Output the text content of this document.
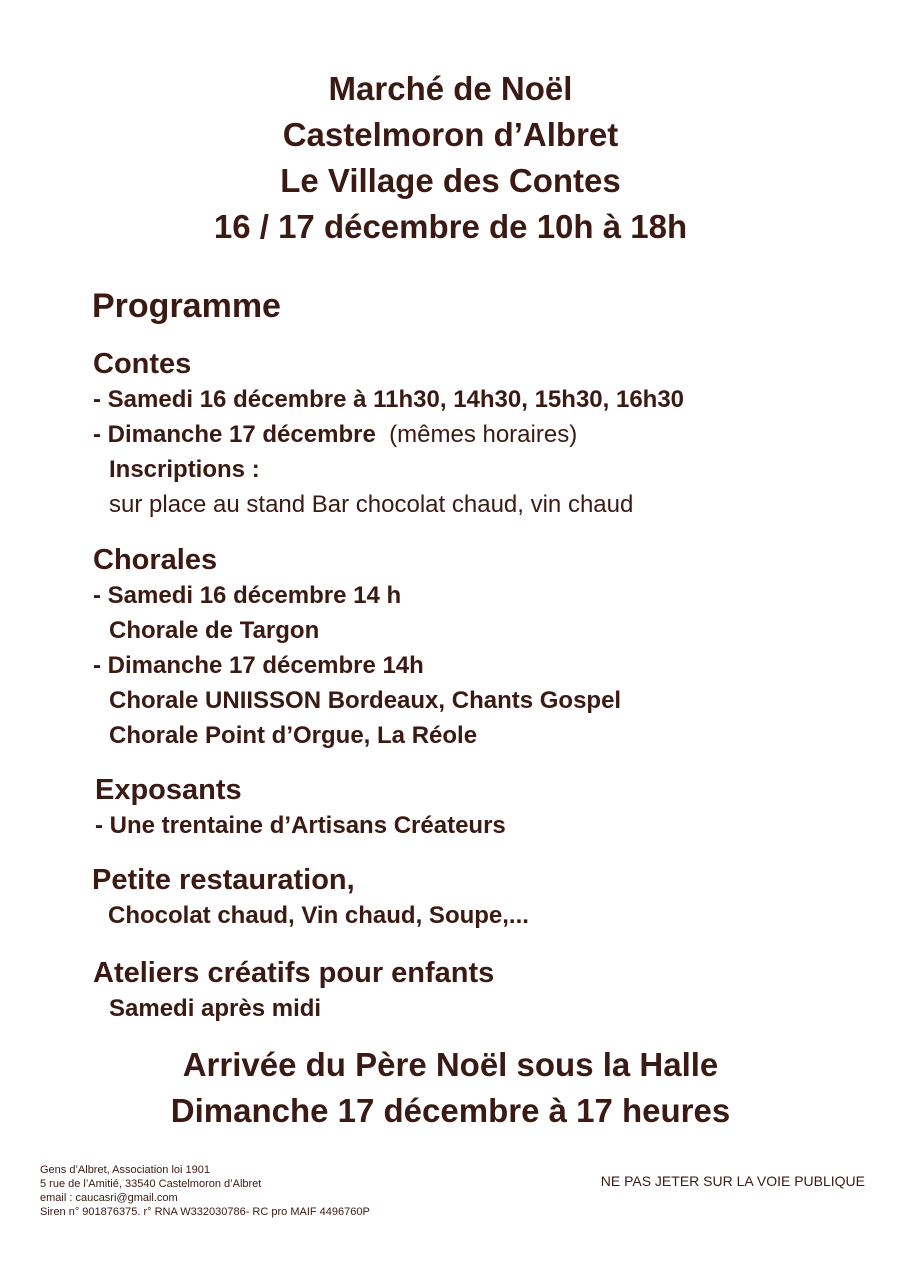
Marché de Noël
Castelmoron d’Albret
Le Village des Contes
16 / 17 décembre de 10h à 18h
Programme
Contes
- Samedi 16 décembre à 11h30, 14h30, 15h30, 16h30
- Dimanche 17 décembre (mêmes horaires)
Inscriptions :
sur place au stand Bar chocolat chaud, vin chaud
Chorales
- Samedi 16 décembre 14 h
Chorale de Targon
- Dimanche 17 décembre 14h
Chorale UNIISSON Bordeaux, Chants Gospel
Chorale Point d’Orgue, La Réole
Exposants
- Une trentaine d’Artisans Créateurs
Petite restauration,
Chocolat chaud, Vin chaud, Soupe,...
Ateliers créatifs pour enfants
Samedi après midi
Arrivée du Père Noël sous la Halle
Dimanche 17 décembre à 17 heures
Gens d’Albret, Association loi 1901
5 rue de l’Amitié, 33540 Castelmoron d’Albret
email : caucasri@gmail.com
Siren n° 901876375. r° RNA W332030786- RC pro MAIF 4496760P
NE PAS JETER SUR LA VOIE PUBLIQUE
